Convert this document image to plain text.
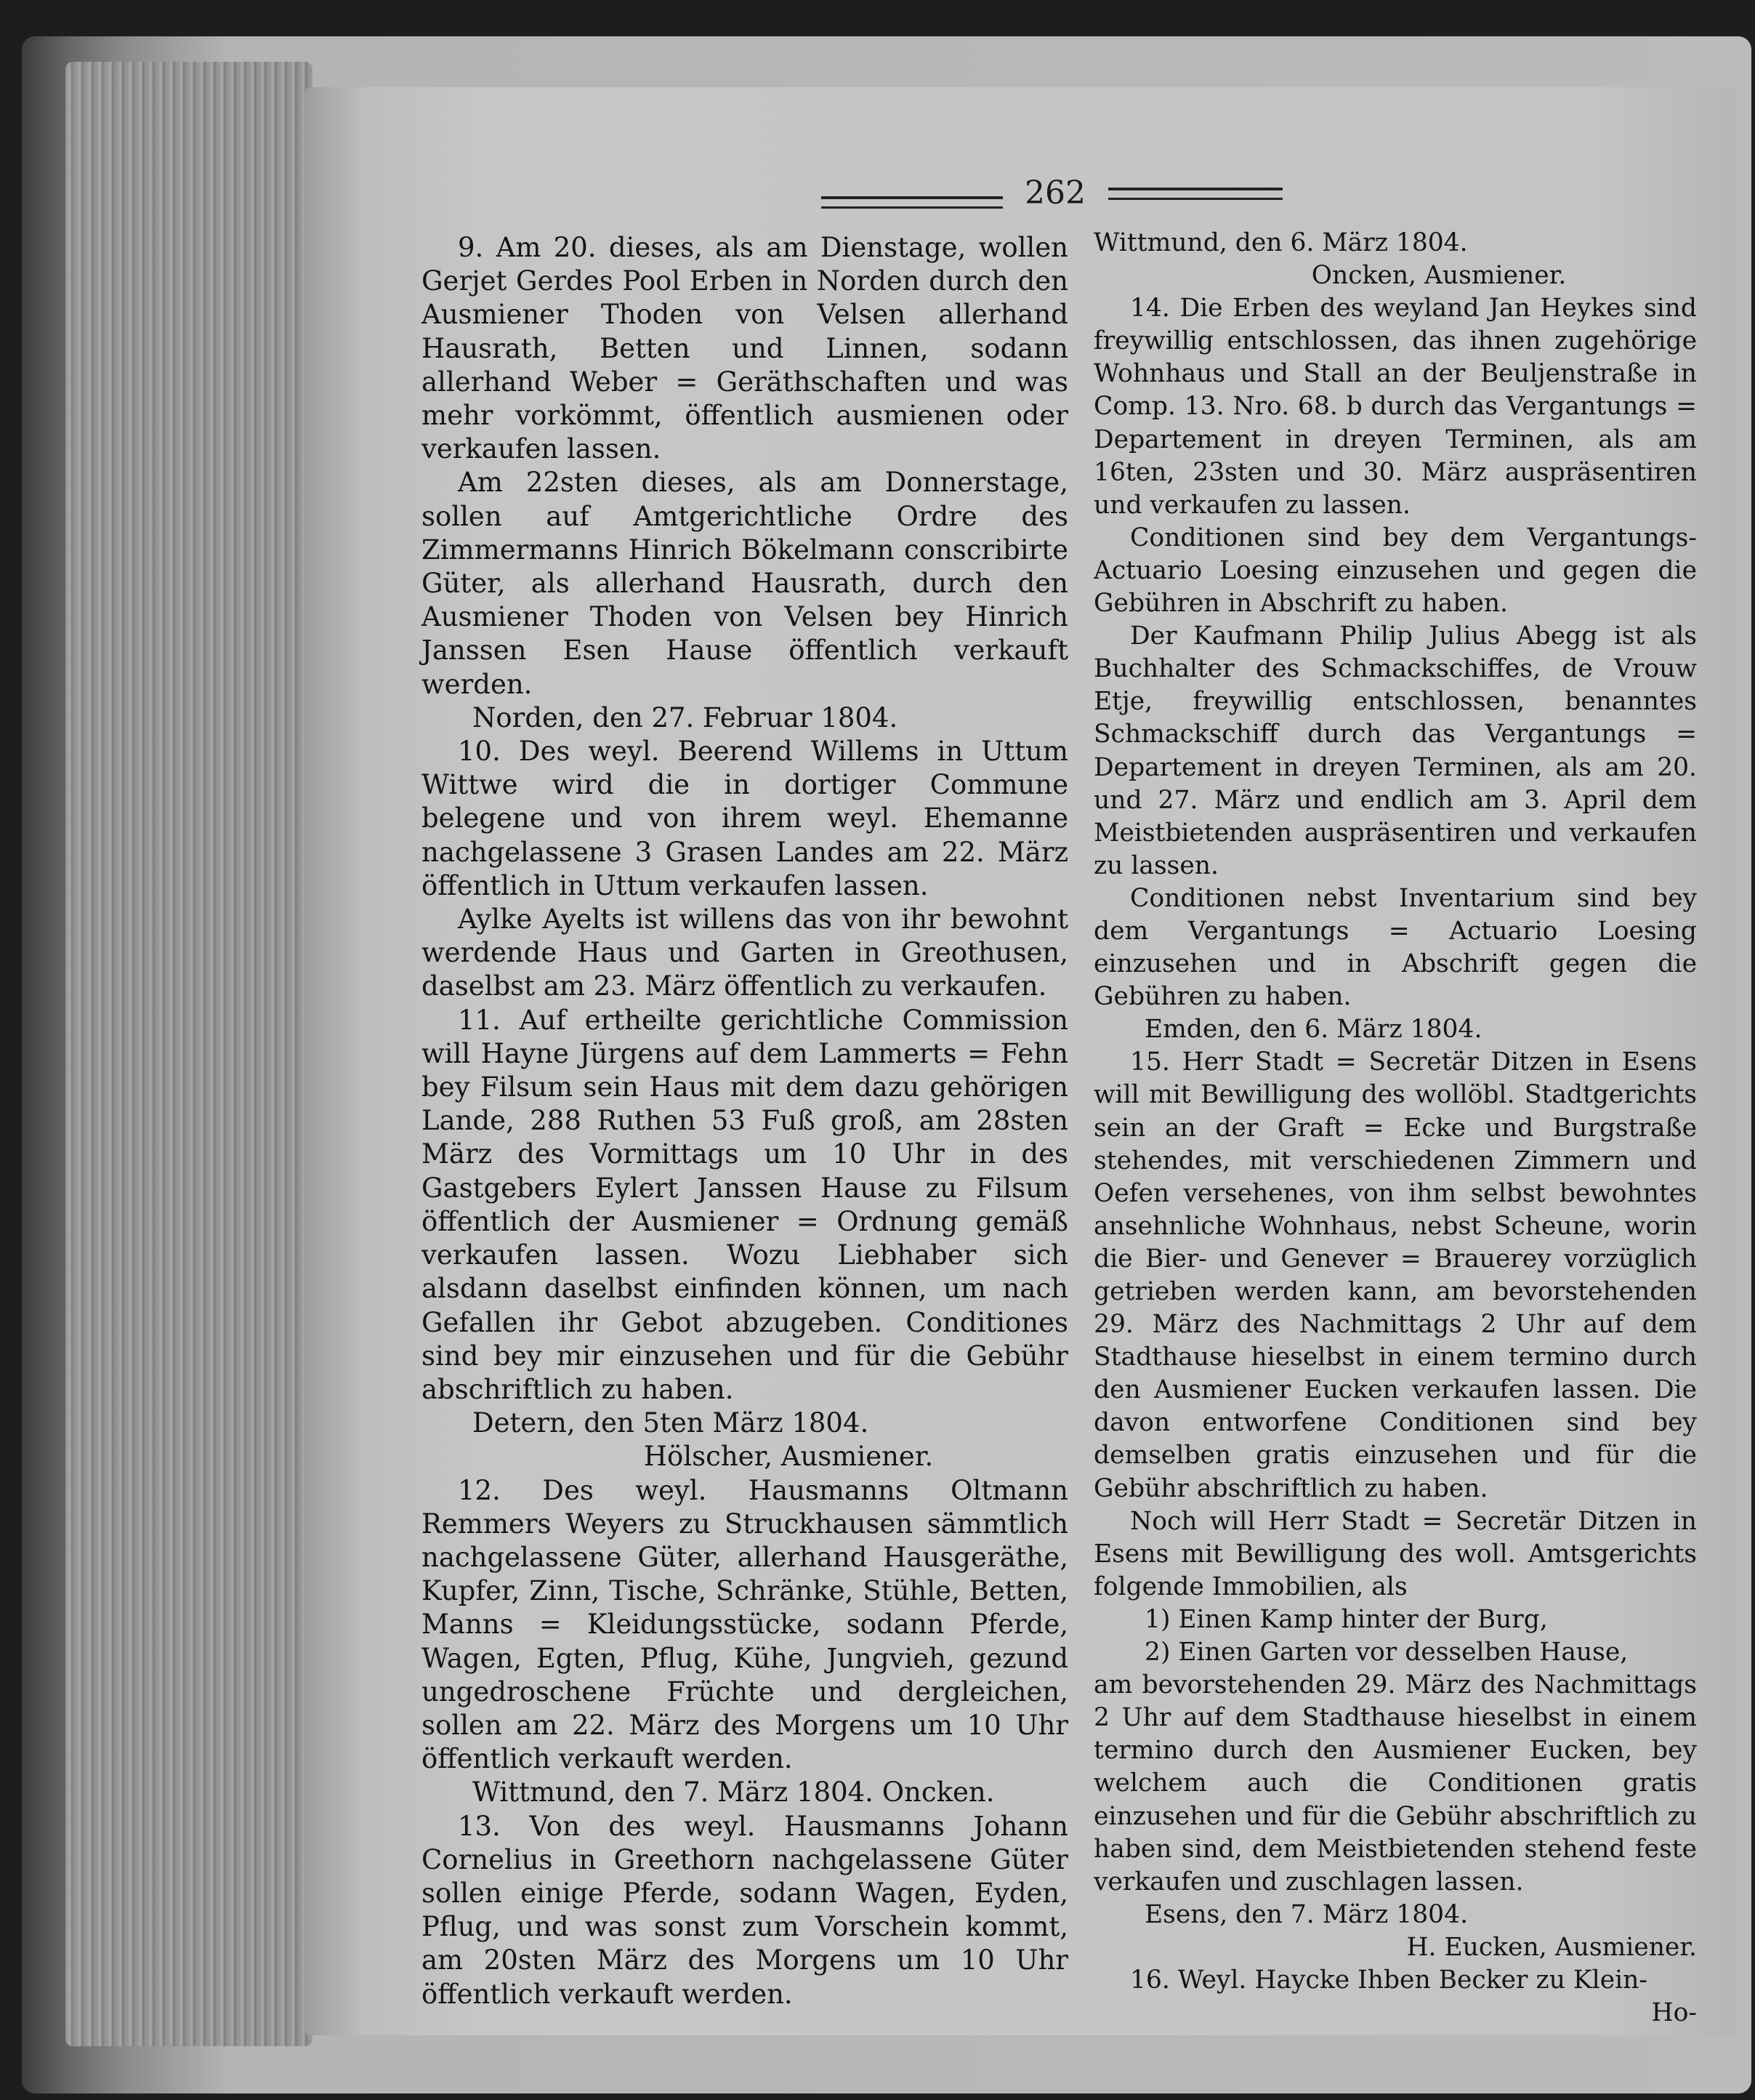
262
9. Am 20. dieses, als am Dienstage, wollen Gerjet Gerdes Pool Erben in Norden durch den Ausmiener Thoden von Velsen allerhand Hausrath, Betten und Linnen, sodann allerhand Weber = Geräthschaften und was mehr vorkömmt, öffentlich ausmienen oder verkaufen lassen.
Am 22sten dieses, als am Donnerstage, sollen auf Amtgerichtliche Ordre des Zimmermanns Hinrich Bökelmann conscribirte Güter, als allerhand Hausrath, durch den Ausmiener Thoden von Velsen bey Hinrich Janssen Esen Hause öffentlich verkauft werden.
Norden, den 27. Februar 1804.
10. Des weyl. Beerend Willems in Uttum Wittwe wird die in dortiger Commune belegene und von ihrem weyl. Ehemanne nachgelassene 3 Grasen Landes am 22. März öffentlich in Uttum verkaufen lassen.
Aylke Ayelts ist willens das von ihr bewohnt werdende Haus und Garten in Greothusen, daselbst am 23. März öffentlich zu verkaufen.
11. Auf ertheilte gerichtliche Commission will Hayne Jürgens auf dem Lammerts = Fehn bey Filsum sein Haus mit dem dazu gehörigen Lande, 288 Ruthen 53 Fuß groß, am 28sten März des Vormittags um 10 Uhr in des Gastgebers Eylert Janssen Hause zu Filsum öffentlich der Ausmiener = Ordnung gemäß verkaufen lassen. Wozu Liebhaber sich alsdann daselbst einfinden können, um nach Gefallen ihr Gebot abzugeben. Conditiones sind bey mir einzusehen und für die Gebühr abschriftlich zu haben.
Detern, den 5ten März 1804.
Hölscher, Ausmiener.
12. Des weyl. Hausmanns Oltmann Remmers Weyers zu Struckhausen sämmtlich nachgelassene Güter, allerhand Hausgeräthe, Kupfer, Zinn, Tische, Schränke, Stühle, Betten, Manns = Kleidungsstücke, sodann Pferde, Wagen, Egten, Pflug, Kühe, Jungvieh, gezund ungedroschene Früchte und dergleichen, sollen am 22. März des Morgens um 10 Uhr öffentlich verkauft werden.
Wittmund, den 7. März 1804. Oncken.
13. Von des weyl. Hausmanns Johann Cornelius in Greethorn nachgelassene Güter sollen einige Pferde, sodann Wagen, Eyden, Pflug, und was sonst zum Vorschein kommt, am 20sten März des Morgens um 10 Uhr öffentlich verkauft werden.
Wittmund, den 6. März 1804.
Oncken, Ausmiener.
14. Die Erben des weyland Jan Heykes sind freywillig entschlossen, das ihnen zugehörige Wohnhaus und Stall an der Beuljenstraße in Comp. 13. Nro. 68. b durch das Vergantungs = Departement in dreyen Terminen, als am 16ten, 23sten und 30. März auspräsentiren und verkaufen zu lassen.
Conditionen sind bey dem Vergantungs-Actuario Loesing einzusehen und gegen die Gebühren in Abschrift zu haben.
Der Kaufmann Philip Julius Abegg ist als Buchhalter des Schmackschiffes, de Vrouw Etje, freywillig entschlossen, benanntes Schmackschiff durch das Vergantungs = Departement in dreyen Terminen, als am 20. und 27. März und endlich am 3. April dem Meistbietenden auspräsentiren und verkaufen zu lassen.
Conditionen nebst Inventarium sind bey dem Vergantungs = Actuario Loesing einzusehen und in Abschrift gegen die Gebühren zu haben.
Emden, den 6. März 1804.
15. Herr Stadt = Secretär Ditzen in Esens will mit Bewilligung des wollöbl. Stadtgerichts sein an der Graft = Ecke und Burgstraße stehendes, mit verschiedenen Zimmern und Oefen versehenes, von ihm selbst bewohntes ansehnliche Wohnhaus, nebst Scheune, worin die Bier- und Genever = Brauerey vorzüglich getrieben werden kann, am bevorstehenden 29. März des Nachmittags 2 Uhr auf dem Stadthause hieselbst in einem termino durch den Ausmiener Eucken verkaufen lassen. Die davon entworfene Conditionen sind bey demselben gratis einzusehen und für die Gebühr abschriftlich zu haben.
Noch will Herr Stadt = Secretär Ditzen in Esens mit Bewilligung des woll. Amtsgerichts folgende Immobilien, als
1) Einen Kamp hinter der Burg,
2) Einen Garten vor desselben Hause,
am bevorstehenden 29. März des Nachmittags 2 Uhr auf dem Stadthause hieselbst in einem termino durch den Ausmiener Eucken, bey welchem auch die Conditionen gratis einzusehen und für die Gebühr abschriftlich zu haben sind, dem Meistbietenden stehend feste verkaufen und zuschlagen lassen.
Esens, den 7. März 1804.
H. Eucken, Ausmiener.
16. Weyl. Haycke Ihben Becker zu Klein-
Ho-
